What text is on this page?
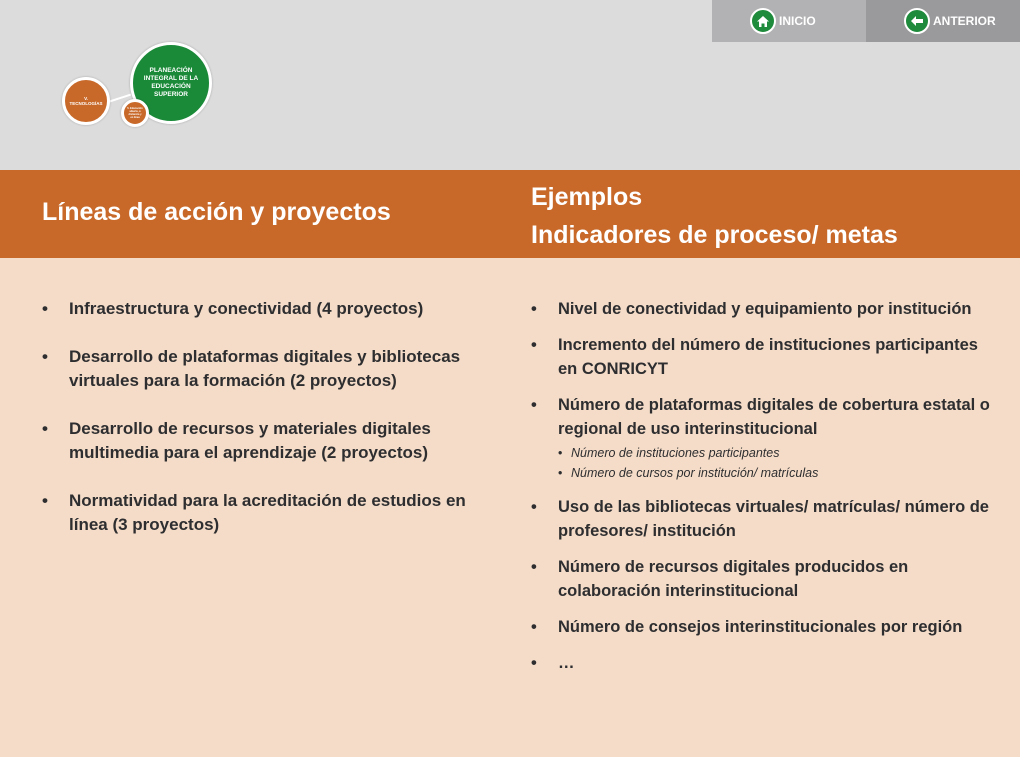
INICIO	ANTERIOR
V. TECNOLOGÍAS
PLANEACIÓN INTEGRAL DE LA EDUCACIÓN SUPERIOR
5. Educación abierta, a distancia y en línea
Líneas de acción y proyectos
Ejemplos
Indicadores de proceso/ metas
• Infraestructura y conectividad (4 proyectos)
• Desarrollo de plataformas digitales y bibliotecas virtuales para la formación (2 proyectos)
• Desarrollo de recursos y materiales digitales multimedia para el aprendizaje (2 proyectos)
• Normatividad para la acreditación de estudios en línea (3 proyectos)
• Nivel de conectividad y equipamiento por institución
• Incremento del número de instituciones participantes en CONRICYT
• Número de plataformas digitales de cobertura estatal o regional de uso interinstitucional
• Número de instituciones participantes
• Número de cursos por institución/ matrículas
• Uso de las bibliotecas virtuales/ matrículas/ número de profesores/ institución
• Número de recursos digitales producidos en colaboración interinstitucional
• Número de consejos interinstitucionales por región
• …
